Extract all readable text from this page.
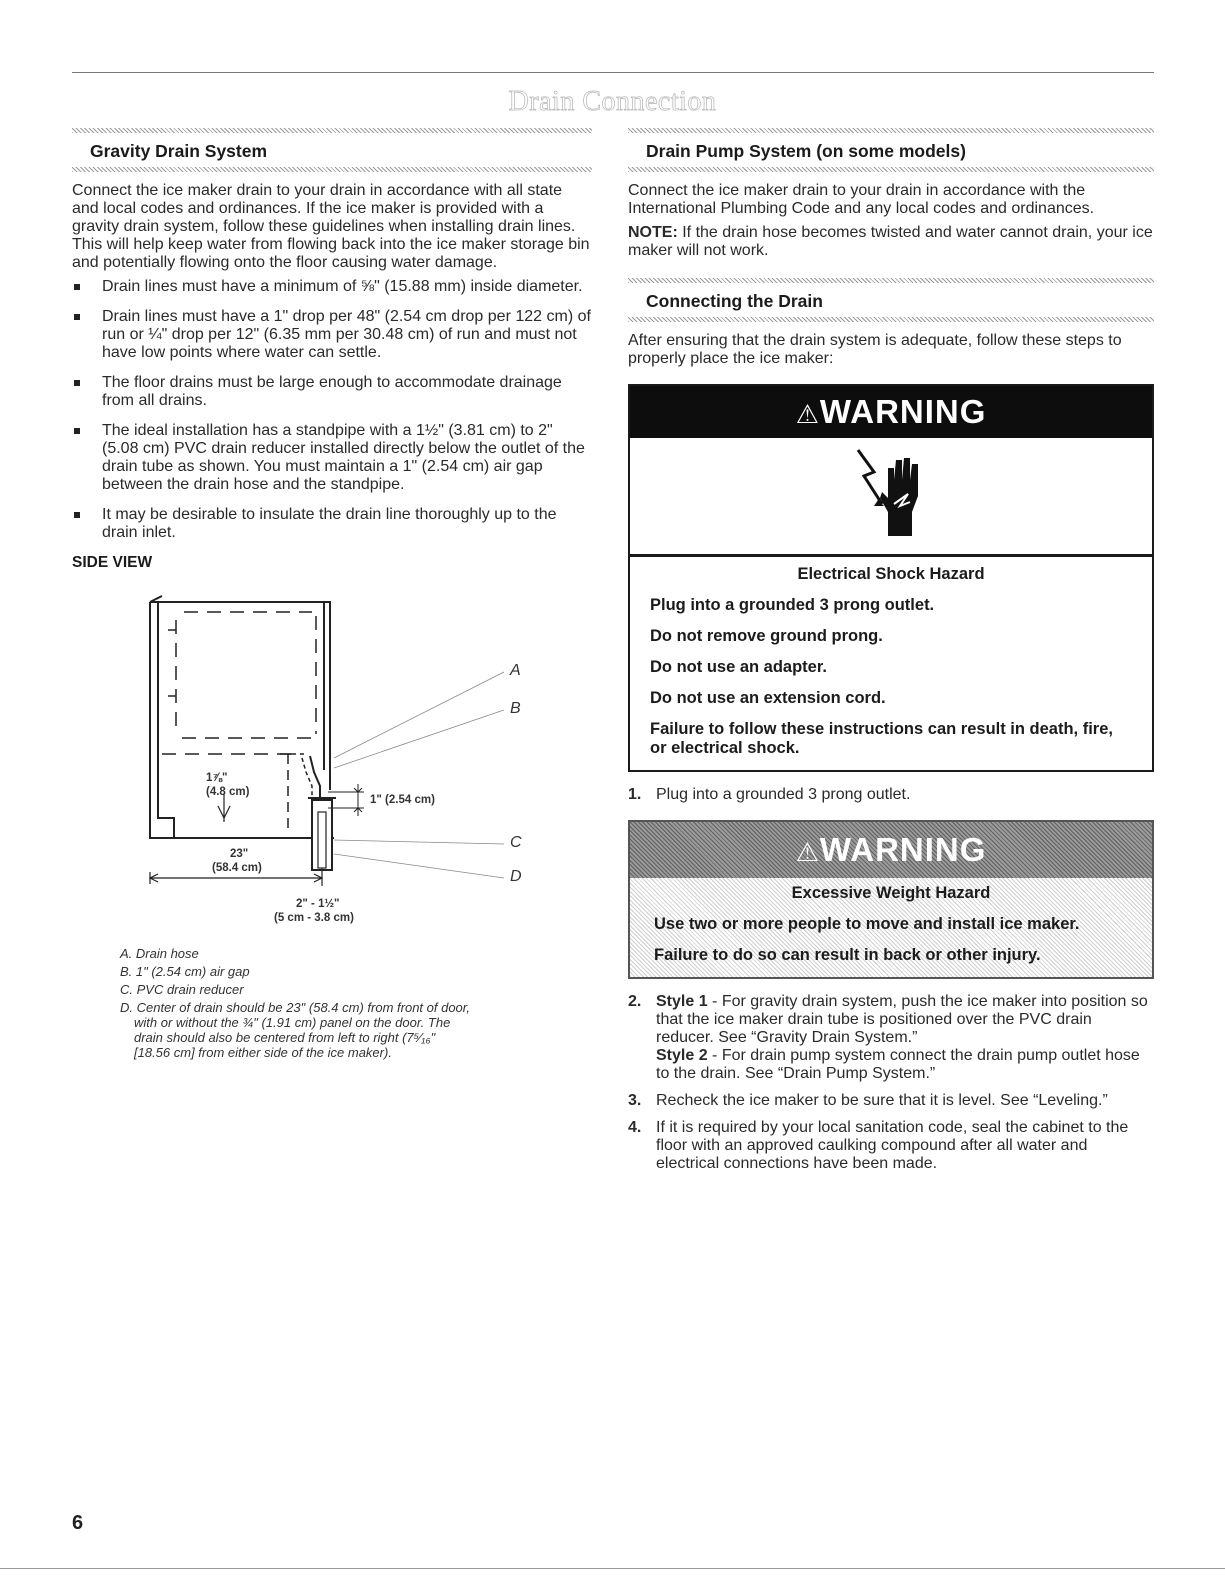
Drain Connection
Gravity Drain System

Connect the ice maker drain to your drain in accordance with all state and local codes and ordinances. If the ice maker is provided with a gravity drain system, follow these guidelines when installing drain lines. This will help keep water from flowing back into the ice maker storage bin and potentially flowing onto the floor causing water damage.

Drain lines must have a minimum of ⅝" (15.88 mm) inside diameter.
Drain lines must have a 1" drop per 48" (2.54 cm drop per 122 cm) of run or ¼" drop per 12" (6.35 mm per 30.48 cm) of run and must not have low points where water can settle.
The floor drains must be large enough to accommodate drainage from all drains.
The ideal installation has a standpipe with a 1½" (3.81 cm) to 2" (5.08 cm) PVC drain reducer installed directly below the outlet of the drain tube as shown. You must maintain a 1" (2.54 cm) air gap between the drain hose and the standpipe.
It may be desirable to insulate the drain line thoroughly up to the drain inlet.
SIDE VIEW
1⅞"
(4.8 cm)
1" (2.54 cm)
23"
(58.4 cm)
2" - 1½"
(5 cm - 3.8 cm)
A
B
C
D
A. Drain hose
B. 1" (2.54 cm) air gap
C. PVC drain reducer
D. Center of drain should be 23" (58.4 cm) from front of door,
with or without the ¾" (1.91 cm) panel on the door. The
drain should also be centered from left to right (7⁵⁄₁₆"
[18.56 cm] from either side of the ice maker).
Drain Pump System (on some models)

Connect the ice maker drain to your drain in accordance with the International Plumbing Code and any local codes and ordinances.

NOTE: If the drain hose becomes twisted and water cannot drain, your ice maker will not work.

Connecting the Drain

After ensuring that the drain system is adequate, follow these steps to properly place the ice maker:

⚠WARNING
Electrical Shock Hazard
Plug into a grounded 3 prong outlet.
Do not remove ground prong.
Do not use an adapter.
Do not use an extension cord.
Failure to follow these instructions can result in death, fire, or electrical shock.
1. Plug into a grounded 3 prong outlet.
⚠WARNING
Excessive Weight Hazard
Use two or more people to move and install ice maker.
Failure to do so can result in back or other injury.
2. Style 1 - For gravity drain system, push the ice maker into position so that the ice maker drain tube is positioned over the PVC drain reducer. See “Gravity Drain System.”
Style 2 - For drain pump system connect the drain pump outlet hose to the drain. See “Drain Pump System.”
3. Recheck the ice maker to be sure that it is level. See “Leveling.”
4. If it is required by your local sanitation code, seal the cabinet to the floor with an approved caulking compound after all water and electrical connections have been made.
6
